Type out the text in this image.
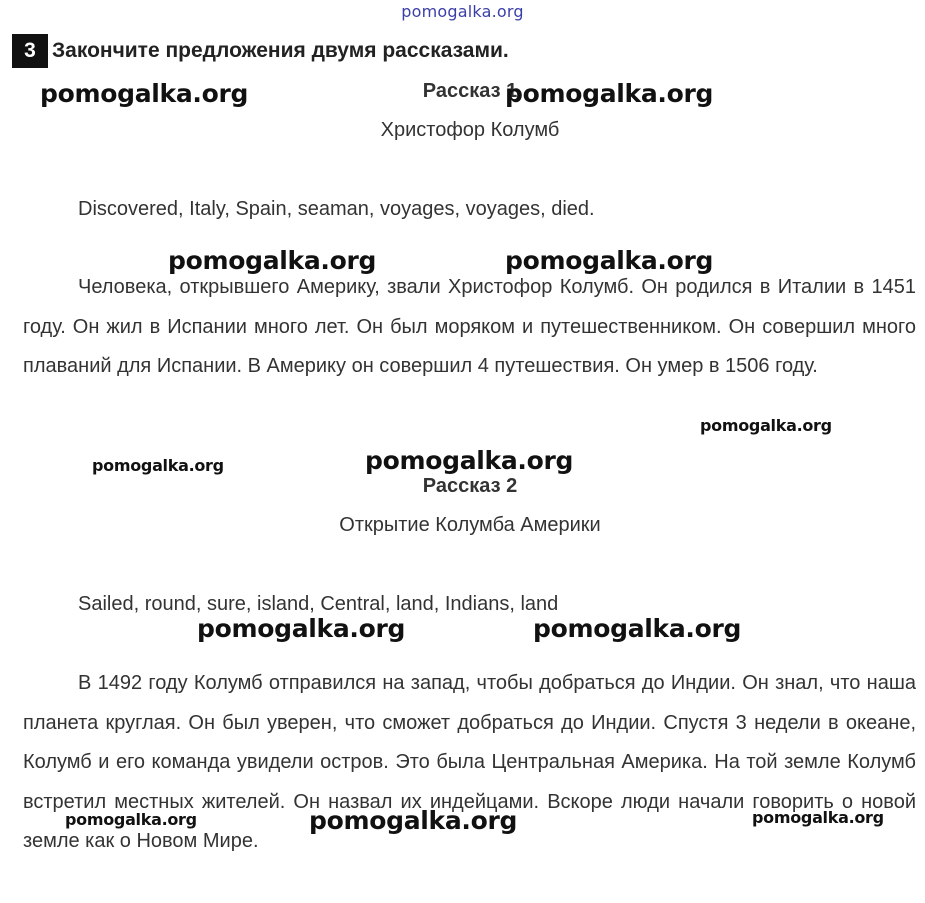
pomogalka.org
3 Закончите предложения двумя рассказами.
Рассказ 1
Христофор Колумб
Discovered, Italy, Spain, seaman, voyages, voyages, died.
Человека, открывшего Америку, звали Христофор Колумб. Он родился в Италии в 1451 году. Он жил в Испании много лет. Он был моряком и путешественником. Он совершил много плаваний для Испании. В Америку он совершил 4 путешествия. Он умер в 1506 году.
Рассказ 2
Открытие Колумба Америки
Sailed, round, sure, island, Central, land, Indians, land
В 1492 году Колумб отправился на запад, чтобы добраться до Индии. Он знал, что наша планета круглая. Он был уверен, что сможет добраться до Индии. Спустя 3 недели в океане, Колумб и его команда увидели остров. Это была Центральная Америка. На той земле Колумб встретил местных жителей. Он назвал их индейцами. Вскоре люди начали говорить о новой земле как о Новом Мире.
pomogalka.org	pomogalka.org
pomogalka.org	pomogalka.org
pomogalka.org
pomogalka.org	pomogalka.org
pomogalka.org	pomogalka.org
pomogalka.org	pomogalka.org	pomogalka.org
